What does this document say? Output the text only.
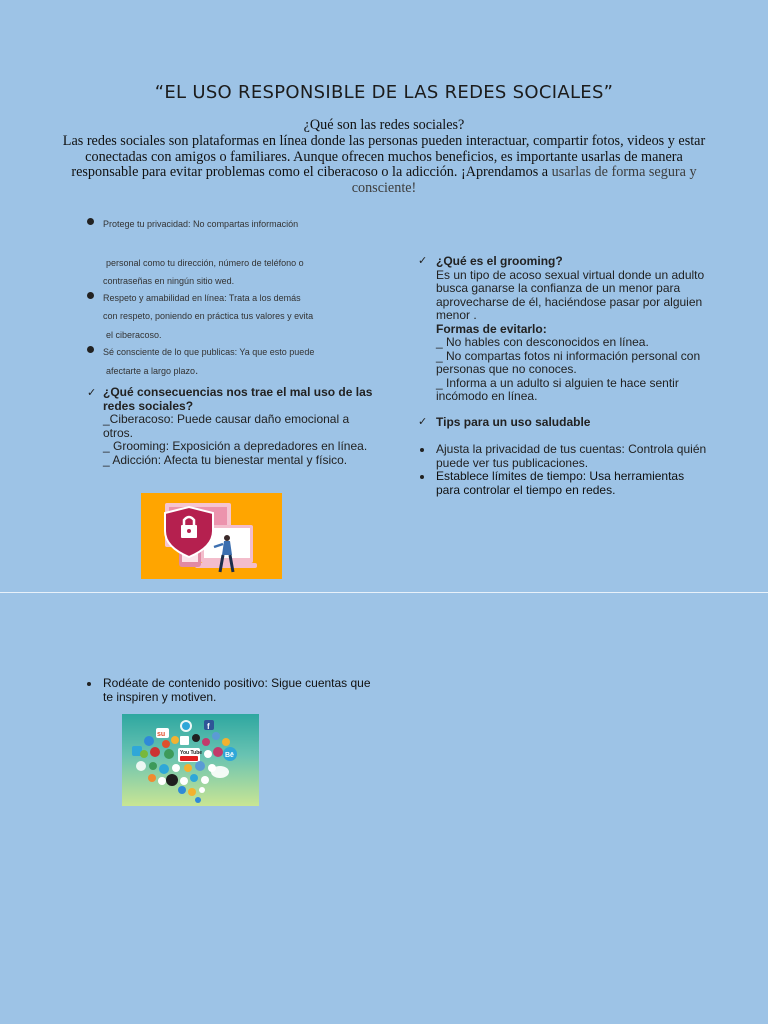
“EL USO RESPONSIBLE DE LAS REDES SOCIALES”
¿Qué son las redes sociales?
Las redes sociales son plataformas en línea donde las personas pueden interactuar, compartir fotos, videos y estar
conectadas con amigos o familiares. Aunque ofrecen muchos beneficios, es importante usarlas de manera
responsable para evitar problemas como el ciberacoso o la adicción. ¡Aprendamos a usarlas de forma segura y
consciente!
Protege tu privacidad: No compartas información
personal como tu dirección, número de teléfono o
contraseñas en ningún sitio wed.
Respeto y amabilidad en línea: Trata a los demás
con respeto, poniendo en práctica tus valores y evita
el ciberacoso.
Sé consciente de lo que publicas: Ya que esto puede
afectarte a largo plazo.
✓ ¿Qué consecuencias nos trae el mal uso de las
redes sociales?
_Ciberacoso: Puede causar daño emocional a
otros.
_ Grooming: Exposición a depredadores en línea.
_ Adicción: Afecta tu bienestar mental y físico.
✓ ¿Qué es el grooming?
Es un tipo de acoso sexual virtual donde un adulto
busca ganarse la confianza de un menor para
aprovecharse de él, haciéndose pasar por alguien
menor .
Formas de evitarlo:
_ No hables con desconocidos en línea.
_ No compartas fotos ni información personal con
personas que no conoces.
_ Informa a un adulto si alguien te hace sentir
incómodo en línea.
✓ Tips para un uso saludable
Ajusta la privacidad de tus cuentas: Controla quién
puede ver tus publicaciones.
Establece límites de tiempo: Usa herramientas
para controlar el tiempo en redes.
Rodéate de contenido positivo: Sigue cuentas que
te inspiren y motiven.
f
su
You Tube	Bē
